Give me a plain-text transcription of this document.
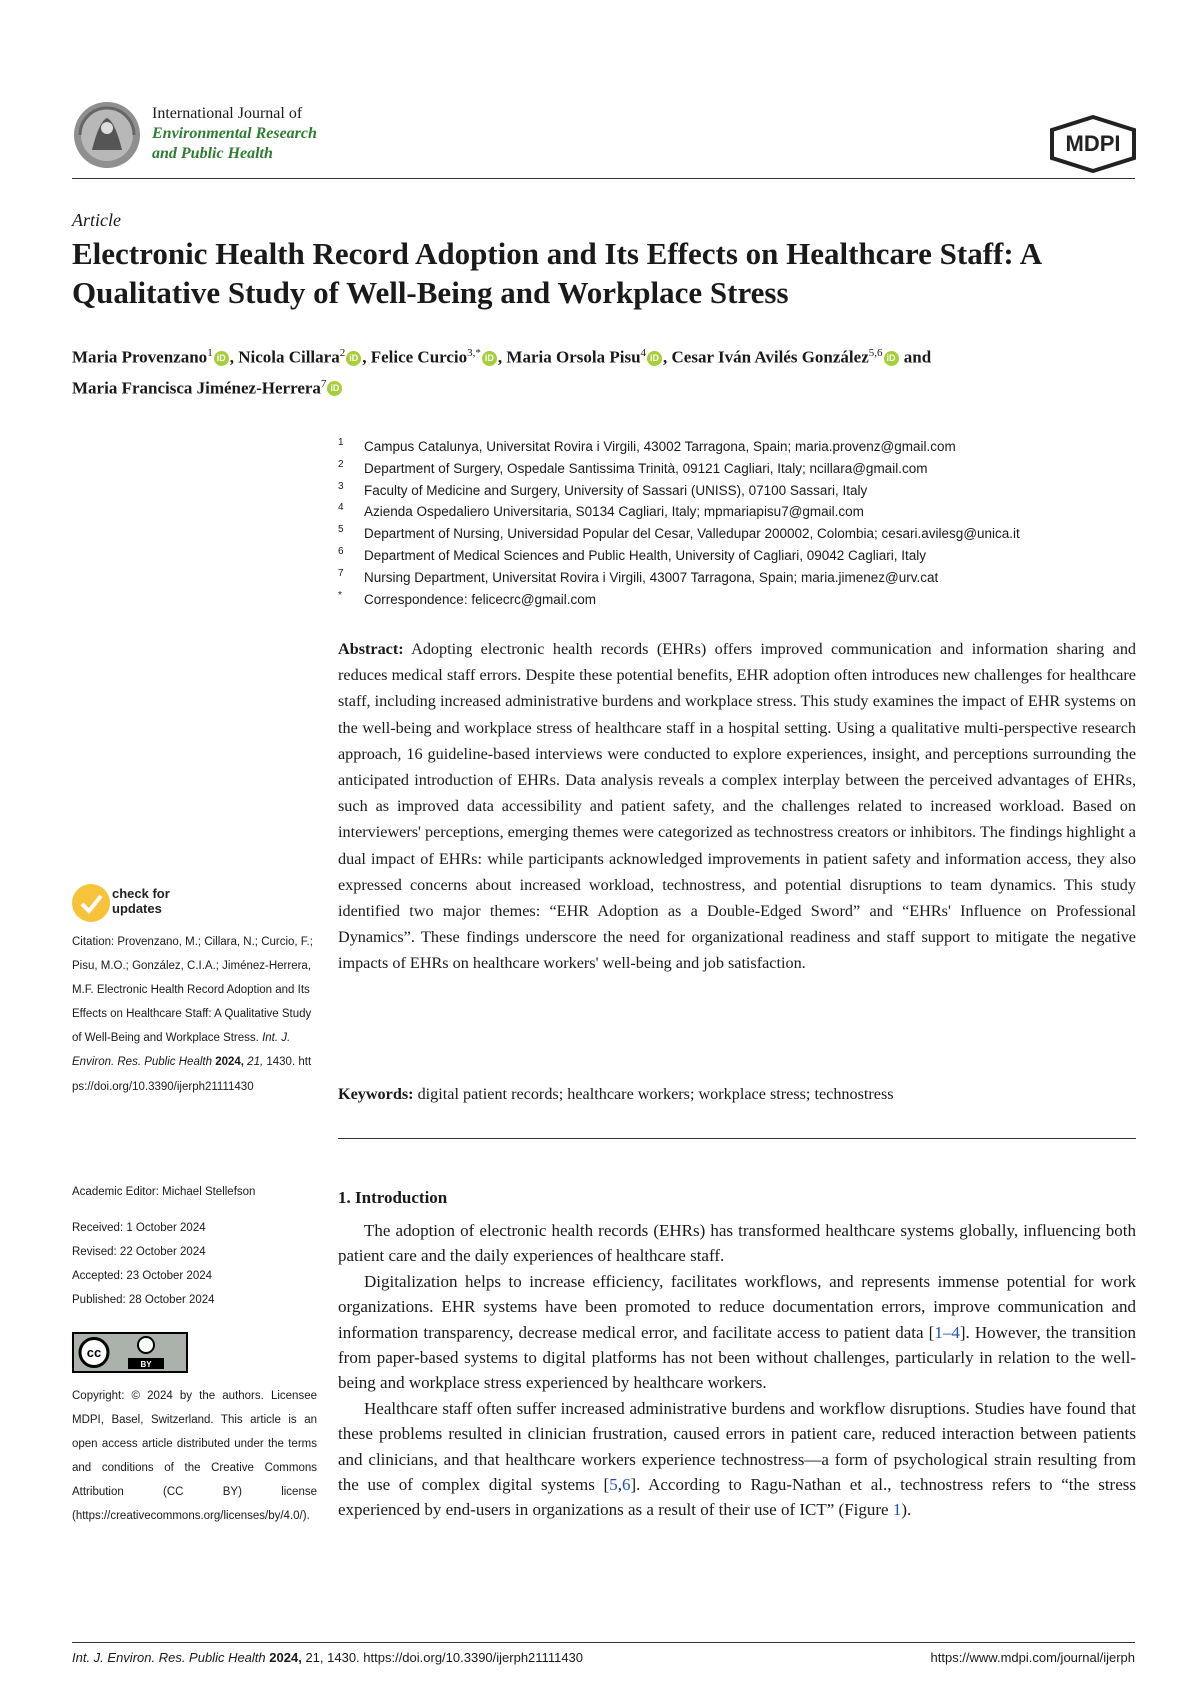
International Journal of
Environmental Research
and Public Health	MDPI
Article
Electronic Health Record Adoption and Its Effects on Healthcare Staff: A Qualitative Study of Well-Being and Workplace Stress
Maria Provenzano$^1$ iD , Nicola Cillara$^2$ iD , Felice Curcio$^{3,*}$ iD , Maria Orsola Pisu$^4$ iD , Cesar Iván Avilés González$^{5,6}$ iD and
Maria Francisca Jiménez-Herrera$^7$ iD
1 Campus Catalunya, Universitat Rovira i Virgili, 43002 Tarragona, Spain; maria.provenz@gmail.com
2 Department of Surgery, Ospedale Santissima Trinità, 09121 Cagliari, Italy; ncillara@gmail.com
3 Faculty of Medicine and Surgery, University of Sassari (UNISS), 07100 Sassari, Italy
4 Azienda Ospedaliero Universitaria, S0134 Cagliari, Italy; mpmariapisu7@gmail.com
5 Department of Nursing, Universidad Popular del Cesar, Valledupar 200002, Colombia; cesari.avilesg@unica.it
6 Department of Medical Sciences and Public Health, University of Cagliari, 09042 Cagliari, Italy
7 Nursing Department, Universitat Rovira i Virgili, 43007 Tarragona, Spain; maria.jimenez@urv.cat
* Correspondence: felicecrc@gmail.com
Abstract: Adopting electronic health records (EHRs) offers improved communication and information sharing and reduces medical staff errors. Despite these potential benefits, EHR adoption often introduces new challenges for healthcare staff, including increased administrative burdens and workplace stress. This study examines the impact of EHR systems on the well-being and workplace stress of healthcare staff in a hospital setting. Using a qualitative multi-perspective research approach, 16 guideline-based interviews were conducted to explore experiences, insight, and perceptions surrounding the anticipated introduction of EHRs. Data analysis reveals a complex interplay between the perceived advantages of EHRs, such as improved data accessibility and patient safety, and the challenges related to increased workload. Based on interviewers' perceptions, emerging themes were categorized as technostress creators or inhibitors. The findings highlight a dual impact of EHRs: while participants acknowledged improvements in patient safety and information access, they also expressed concerns about increased workload, technostress, and potential disruptions to team dynamics. This study identified two major themes: “EHR Adoption as a Double-Edged Sword” and “EHRs' Influence on Professional Dynamics”. These findings underscore the need for organizational readiness and staff support to mitigate the negative impacts of EHRs on healthcare workers' well-being and job satisfaction.
Keywords: digital patient records; healthcare workers; workplace stress; technostress
1. Introduction

The adoption of electronic health records (EHRs) has transformed healthcare systems globally, influencing both patient care and the daily experiences of healthcare staff.

Digitalization helps to increase efficiency, facilitates workflows, and represents immense potential for work organizations. EHR systems have been promoted to reduce documentation errors, improve communication and information transparency, decrease medical error, and facilitate access to patient data [1–4]. However, the transition from paper-based systems to digital platforms has not been without challenges, particularly in relation to the well-being and workplace stress experienced by healthcare workers.

Healthcare staff often suffer increased administrative burdens and workflow disruptions. Studies have found that these problems resulted in clinician frustration, caused errors in patient care, reduced interaction between patients and clinicians, and that healthcare workers experience technostress—a form of psychological strain resulting from the use of complex digital systems [5,6]. According to Ragu-Nathan et al., technostress refers to “the stress experienced by end-users in organizations as a result of their use of ICT” (Figure 1).

check for
updates
Citation: Provenzano, M.; Cillara, N.; Curcio, F.; Pisu, M.O.; González, C.I.A.; Jiménez-Herrera, M.F. Electronic Health Record Adoption and Its Effects on Healthcare Staff: A Qualitative Study of Well-Being and Workplace Stress. Int. J. Environ. Res. Public Health 2024, 21, 1430. https://doi.org/10.3390/ijerph21111430
Academic Editor: Michael Stellefson
Received: 1 October 2024
Revised: 22 October 2024
Accepted: 23 October 2024
Published: 28 October 2024
cc
BY
Copyright: © 2024 by the authors. Licensee MDPI, Basel, Switzerland. This article is an open access article distributed under the terms and conditions of the Creative Commons Attribution (CC BY) license (https://creativecommons.org/licenses/by/4.0/).
Int. J. Environ. Res. Public Health 2024, 21, 1430. https://doi.org/10.3390/ijerph21111430	https://www.mdpi.com/journal/ijerph
